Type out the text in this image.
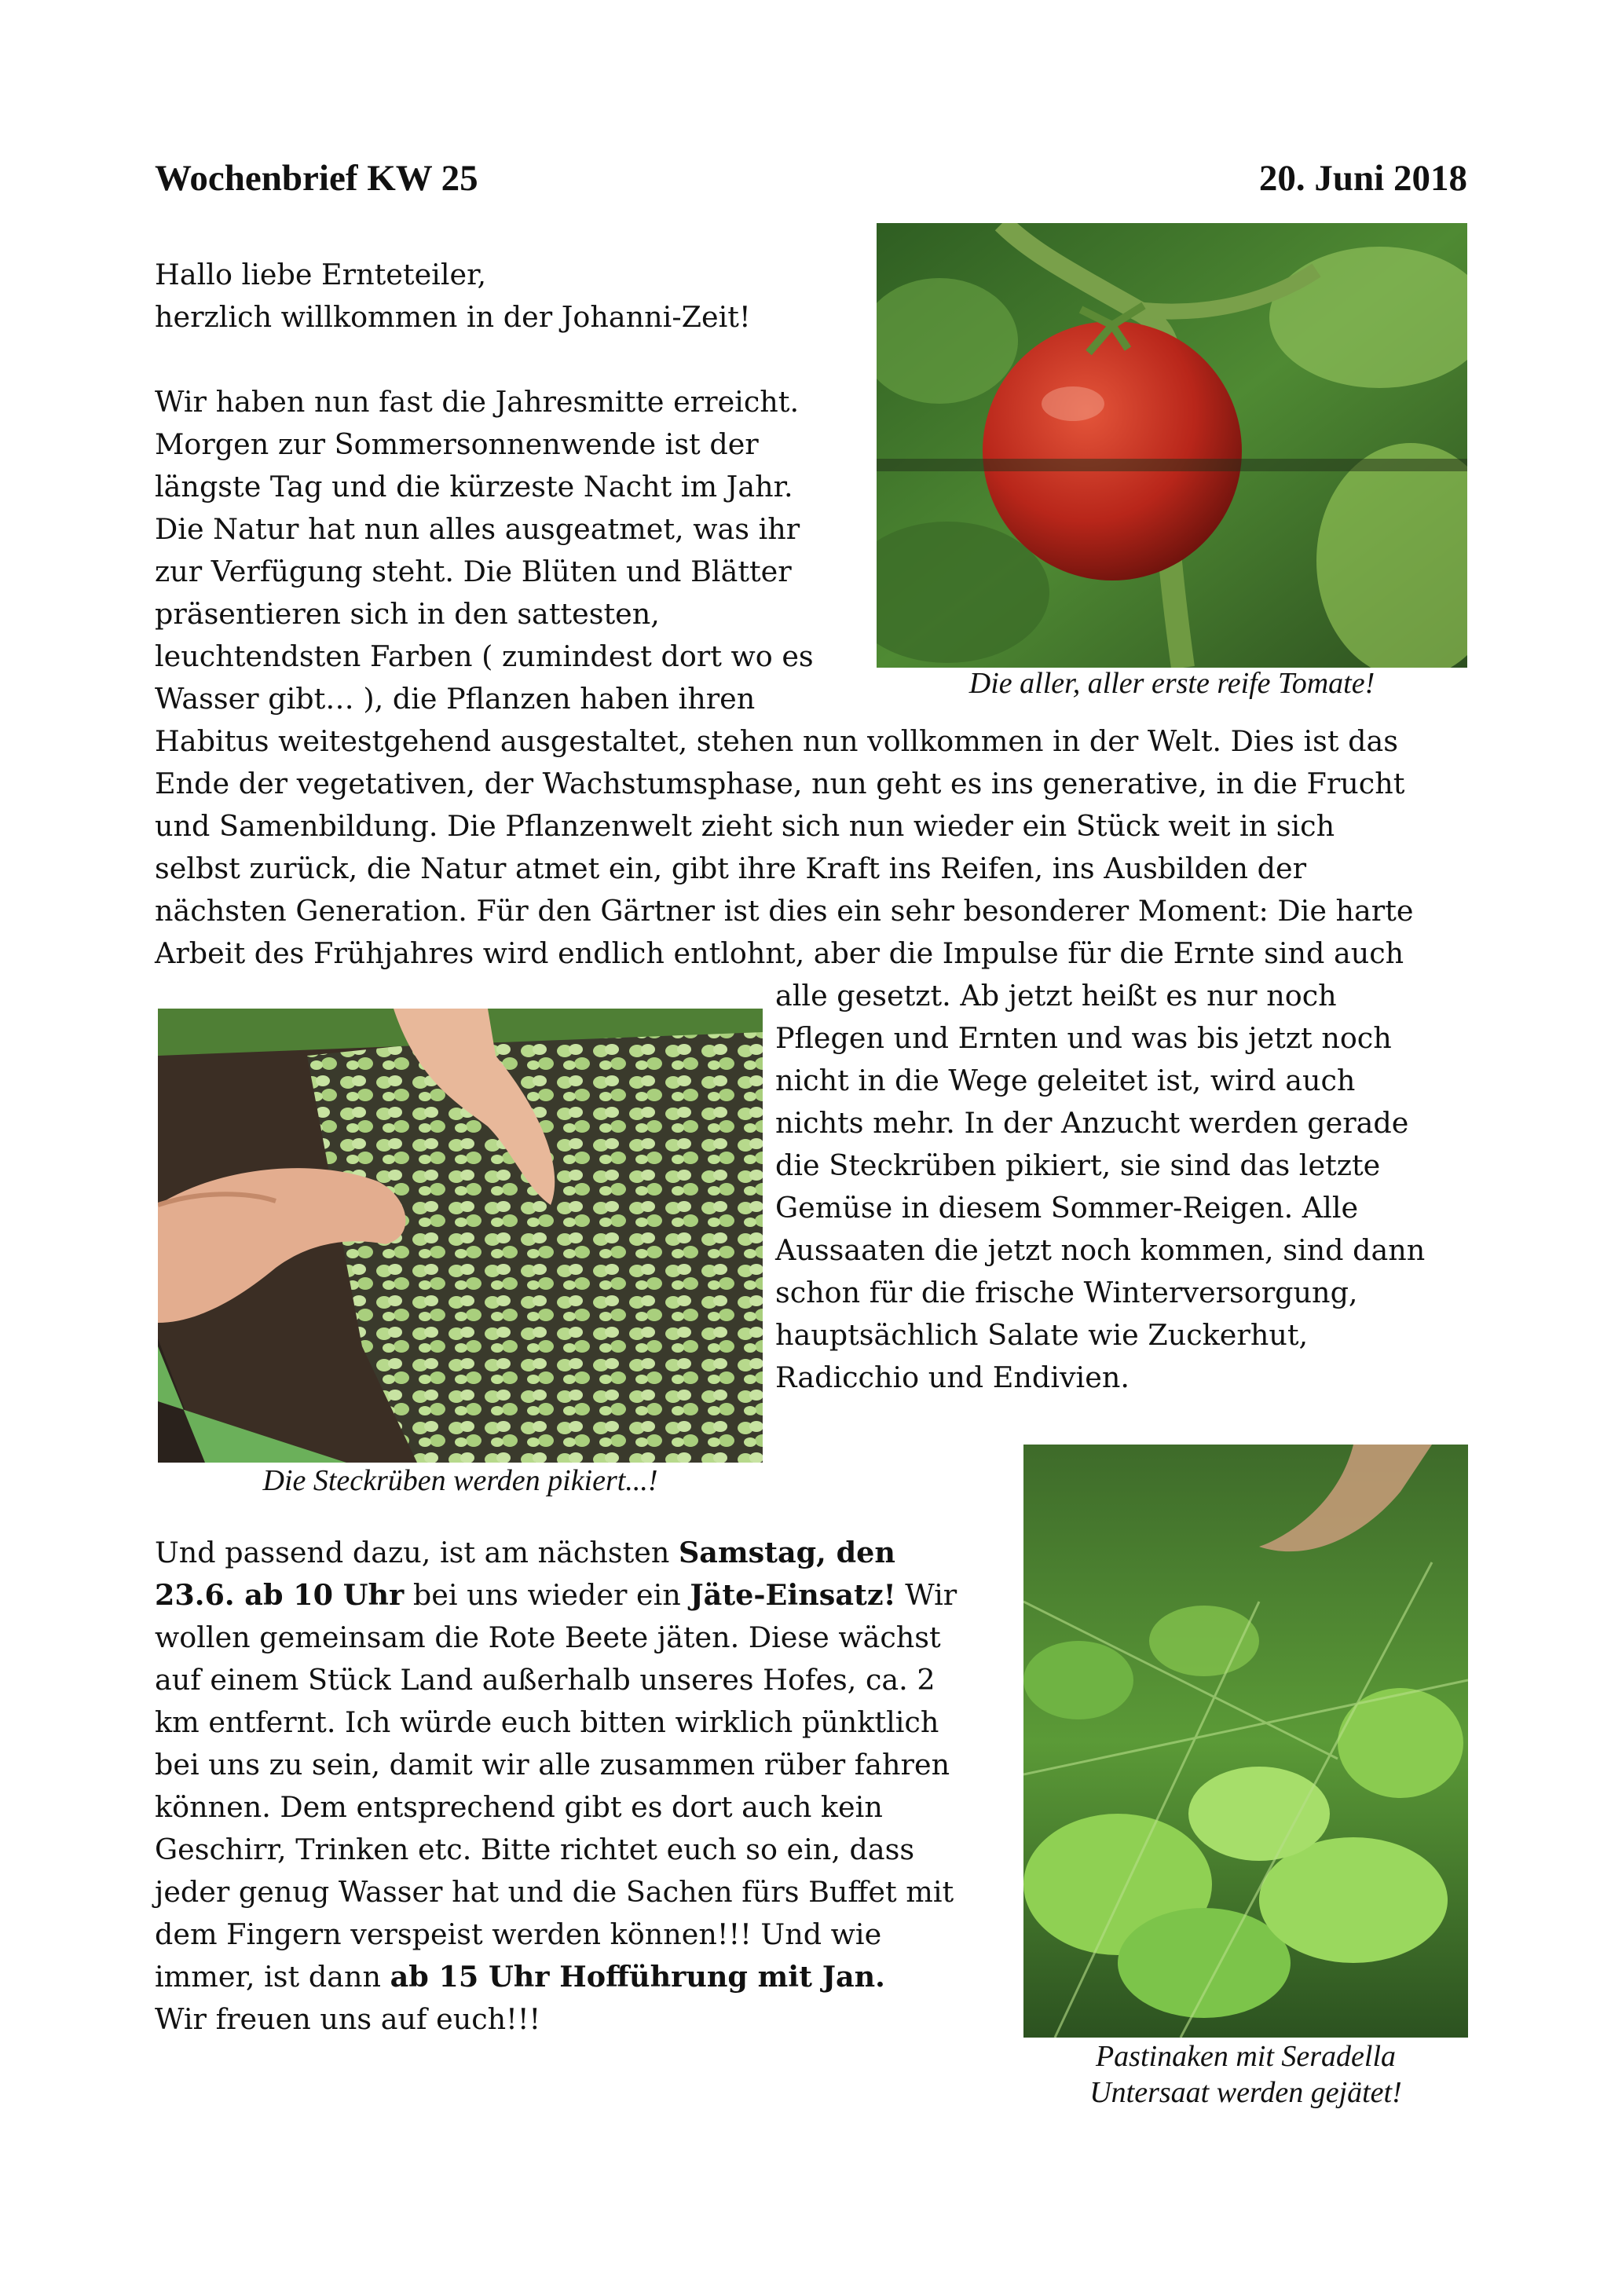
Wochenbrief KW 25	20. Juni 2018
Die aller, aller erste reife Tomate!
Hallo liebe Ernteteiler,
herzlich willkommen in der Johanni-Zeit!
Wir haben nun fast die Jahresmitte erreicht.
Morgen zur Sommersonnenwende ist der
längste Tag und die kürzeste Nacht im Jahr.
Die Natur hat nun alles ausgeatmet, was ihr
zur Verfügung steht. Die Blüten und Blätter
präsentieren sich in den sattesten,
leuchtendsten Farben ( zumindest dort wo es
Wasser gibt… ), die Pflanzen haben ihren
Habitus weitestgehend ausgestaltet, stehen nun vollkommen in der Welt. Dies ist das
Ende der vegetativen, der Wachstumsphase, nun geht es ins generative, in die Frucht
und Samenbildung. Die Pflanzenwelt zieht sich nun wieder ein Stück weit in sich
selbst zurück, die Natur atmet ein, gibt ihre Kraft ins Reifen, ins Ausbilden der
nächsten Generation. Für den Gärtner ist dies ein sehr besonderer Moment: Die harte
Arbeit des Frühjahres wird endlich entlohnt, aber die Impulse für die Ernte sind auch
alle gesetzt. Ab jetzt heißt es nur noch
Pflegen und Ernten und was bis jetzt noch
nicht in die Wege geleitet ist, wird auch
nichts mehr. In der Anzucht werden gerade
die Steckrüben pikiert, sie sind das letzte
Gemüse in diesem Sommer-Reigen. Alle
Aussaaten die jetzt noch kommen, sind dann
schon für die frische Winterversorgung,
hauptsächlich Salate wie Zuckerhut,
Radicchio und Endivien.
Die Steckrüben werden pikiert...!
Und passend dazu, ist am nächsten Samstag, den
23.6. ab 10 Uhr bei uns wieder ein Jäte-Einsatz! Wir
wollen gemeinsam die Rote Beete jäten. Diese wächst
auf einem Stück Land außerhalb unseres Hofes, ca. 2
km entfernt. Ich würde euch bitten wirklich pünktlich
bei uns zu sein, damit wir alle zusammen rüber fahren
können. Dem entsprechend gibt es dort auch kein
Geschirr, Trinken etc. Bitte richtet euch so ein, dass
jeder genug Wasser hat und die Sachen fürs Buffet mit
dem Fingern verspeist werden können!!! Und wie
immer, ist dann ab 15 Uhr Hofführung mit Jan.
Wir freuen uns auf euch!!!
Pastinaken mit Seradella
Untersaat werden gejätet!
